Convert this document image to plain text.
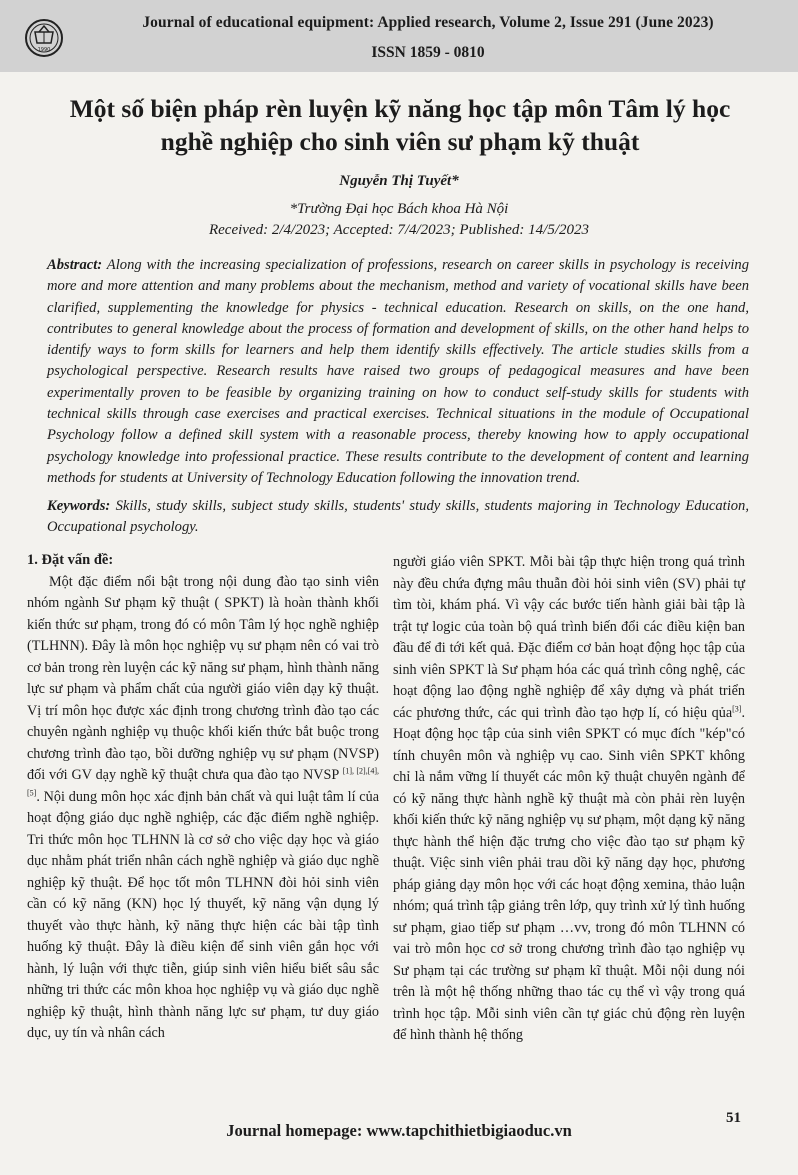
1990
Journal of educational equipment: Applied research, Volume 2, Issue 291 (June 2023)
ISSN 1859 - 0810
Một số biện pháp rèn luyện kỹ năng học tập môn Tâm lý học
nghề nghiệp cho sinh viên sư phạm kỹ thuật
Nguyễn Thị Tuyết*
*Trường Đại học Bách khoa Hà Nội
Received: 2/4/2023; Accepted: 7/4/2023; Published: 14/5/2023

Abstract: Along with the increasing specialization of professions, research on career skills in psychology is receiving more and more attention and many problems about the mechanism, method and variety of vocational skills have been clarified, supplementing the knowledge for physics - technical education. Research on skills, on the one hand, contributes to general knowledge about the process of formation and development of skills, on the other hand helps to identify ways to form skills for learners and help them identify skills effectively. The article studies skills from a psychological perspective. Research results have raised two groups of pedagogical measures and have been experimentally proven to be feasible by organizing training on how to conduct self-study skills for students with technical skills through case exercises and practical exercises. Technical situations in the module of Occupational Psychology follow a defined skill system with a reasonable process, thereby knowing how to apply occupational psychology knowledge into professional practice. These results contribute to the development of content and learning methods for students at University of Technology Education following the innovation trend.

Keywords: Skills, study skills, subject study skills, students' study skills, students majoring in Technology Education, Occupational psychology.

1. Đặt vấn đề:

Một đặc điểm nổi bật trong nội dung đào tạo sinh viên nhóm ngành Sư phạm kỹ thuật ( SPKT) là hoàn thành khối kiến thức sư phạm, trong đó có môn Tâm lý học nghề nghiệp (TLHNN). Đây là môn học nghiệp vụ sư phạm nên có vai trò cơ bản trong rèn luyện các kỹ năng sư phạm, hình thành năng lực sư phạm và phẩm chất của người giáo viên dạy kỹ thuật. Vị trí môn học được xác định trong chương trình đào tạo các chuyên ngành nghiệp vụ thuộc khối kiến thức bắt buộc trong chương trình đào tạo, bồi dưỡng nghiệp vụ sư phạm (NVSP) đối với GV dạy nghề kỹ thuật chưa qua đào tạo NVSP [1], [2],[4], [5]. Nội dung môn học xác định bản chất và qui luật tâm lí của hoạt động giáo dục nghề nghiệp, các đặc điểm nghề nghiệp. Tri thức môn học TLHNN là cơ sở cho việc dạy học và giáo dục nhằm phát triển nhân cách nghề nghiệp và giáo dục nghề nghiệp kỹ thuật. Để học tốt môn TLHNN đòi hỏi sinh viên cần có kỹ năng (KN) học lý thuyết, kỹ năng vận dụng lý thuyết vào thực hành, kỹ năng thực hiện các bài tập tình huống kỹ thuật. Đây là điều kiện để sinh viên gắn học với hành, lý luận với thực tiễn, giúp sinh viên hiểu biết sâu sắc những tri thức các môn khoa học nghiệp vụ và giáo dục nghề nghiệp kỹ thuật, hình thành năng lực sư phạm, tư duy giáo dục, uy tín và nhân cách

người giáo viên SPKT. Mỗi bài tập thực hiện trong quá trình này đều chứa đựng mâu thuẫn đòi hỏi sinh viên (SV) phải tự tìm tòi, khám phá. Vì vậy các bước tiến hành giải bài tập là trật tự logic của toàn bộ quá trình biến đổi các điều kiện ban đầu để đi tới kết quả. Đặc điểm cơ bản hoạt động học tập của sinh viên SPKT là Sư phạm hóa các quá trình công nghệ, các hoạt động lao động nghề nghiệp để xây dựng và phát triển các phương thức, các qui trình đào tạo hợp lí, có hiệu qủa[3]. Hoạt động học tập của sinh viên SPKT có mục đích "kép"có tính chuyên môn và nghiệp vụ cao. Sinh viên SPKT không chỉ là nắm vững lí thuyết các môn kỹ thuật chuyên ngành để có kỹ năng thực hành nghề kỹ thuật mà còn phải rèn luyện khối kiến thức kỹ năng nghiệp vụ sư phạm, một dạng kỹ năng thực hành thể hiện đặc trưng cho việc đào tạo sư phạm kỹ thuật. Việc sinh viên phải trau dồi kỹ năng dạy học, phương pháp giảng dạy môn học với các hoạt động xemina, thảo luận nhóm; quá trình tập giảng trên lớp, quy trình xử lý tình huống sư phạm, giao tiếp sư phạm …vv, trong đó môn TLHNN có vai trò môn học cơ sở trong chương trình đào tạo nghiệp vụ Sư phạm tại các trường sư phạm kĩ thuật. Mỗi nội dung nói trên là một hệ thống những thao tác cụ thể vì vậy trong quá trình học tập. Mỗi sinh viên cần tự giác chủ động rèn luyện để hình thành hệ thống

Journal homepage: www.tapchithietbigiaoduc.vn
51
